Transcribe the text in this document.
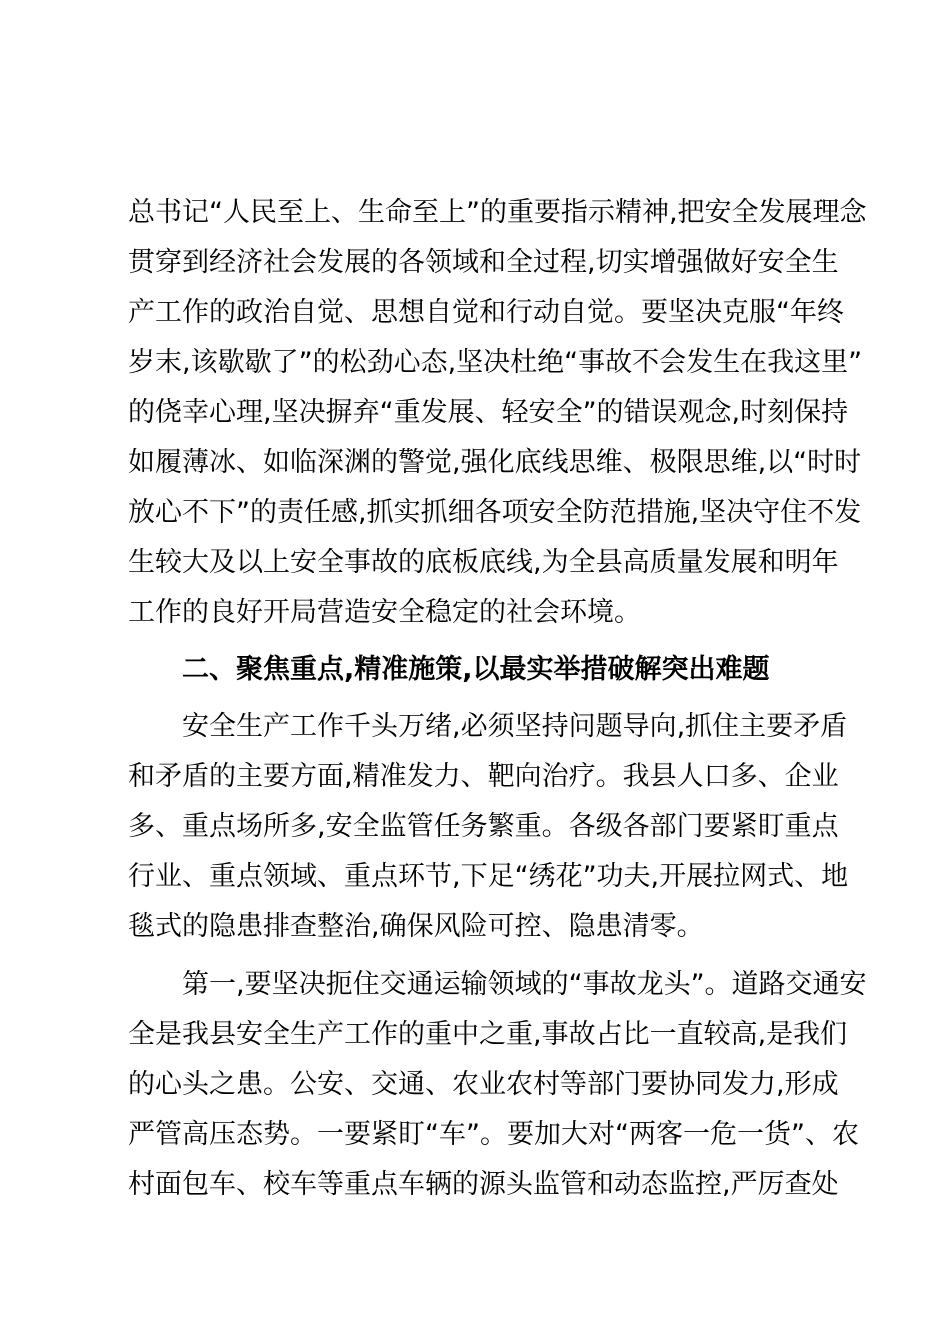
总书记“人民至上、生命至上”的重要指示精神,把安全发展理念
贯穿到经济社会发展的各领域和全过程,切实增强做好安全生
产工作的政治自觉、思想自觉和行动自觉。要坚决克服“年终
岁末,该歇歇了”的松劲心态,坚决杜绝“事故不会发生在我这里”
的侥幸心理,坚决摒弃“重发展、轻安全”的错误观念,时刻保持
如履薄冰、如临深渊的警觉,强化底线思维、极限思维,以“时时
放心不下”的责任感,抓实抓细各项安全防范措施,坚决守住不发
生较大及以上安全事故的底板底线,为全县高质量发展和明年
工作的良好开局营造安全稳定的社会环境。
二、聚焦重点,精准施策,以最实举措破解突出难题
安全生产工作千头万绪,必须坚持问题导向,抓住主要矛盾
和矛盾的主要方面,精准发力、靶向治疗。我县人口多、企业
多、重点场所多,安全监管任务繁重。各级各部门要紧盯重点
行业、重点领域、重点环节,下足“绣花”功夫,开展拉网式、地
毯式的隐患排查整治,确保风险可控、隐患清零。
第一,要坚决扼住交通运输领域的“事故龙头”。道路交通安
全是我县安全生产工作的重中之重,事故占比一直较高,是我们
的心头之患。公安、交通、农业农村等部门要协同发力,形成
严管高压态势。一要紧盯“车”。要加大对“两客一危一货”、农
村面包车、校车等重点车辆的源头监管和动态监控,严厉查处
